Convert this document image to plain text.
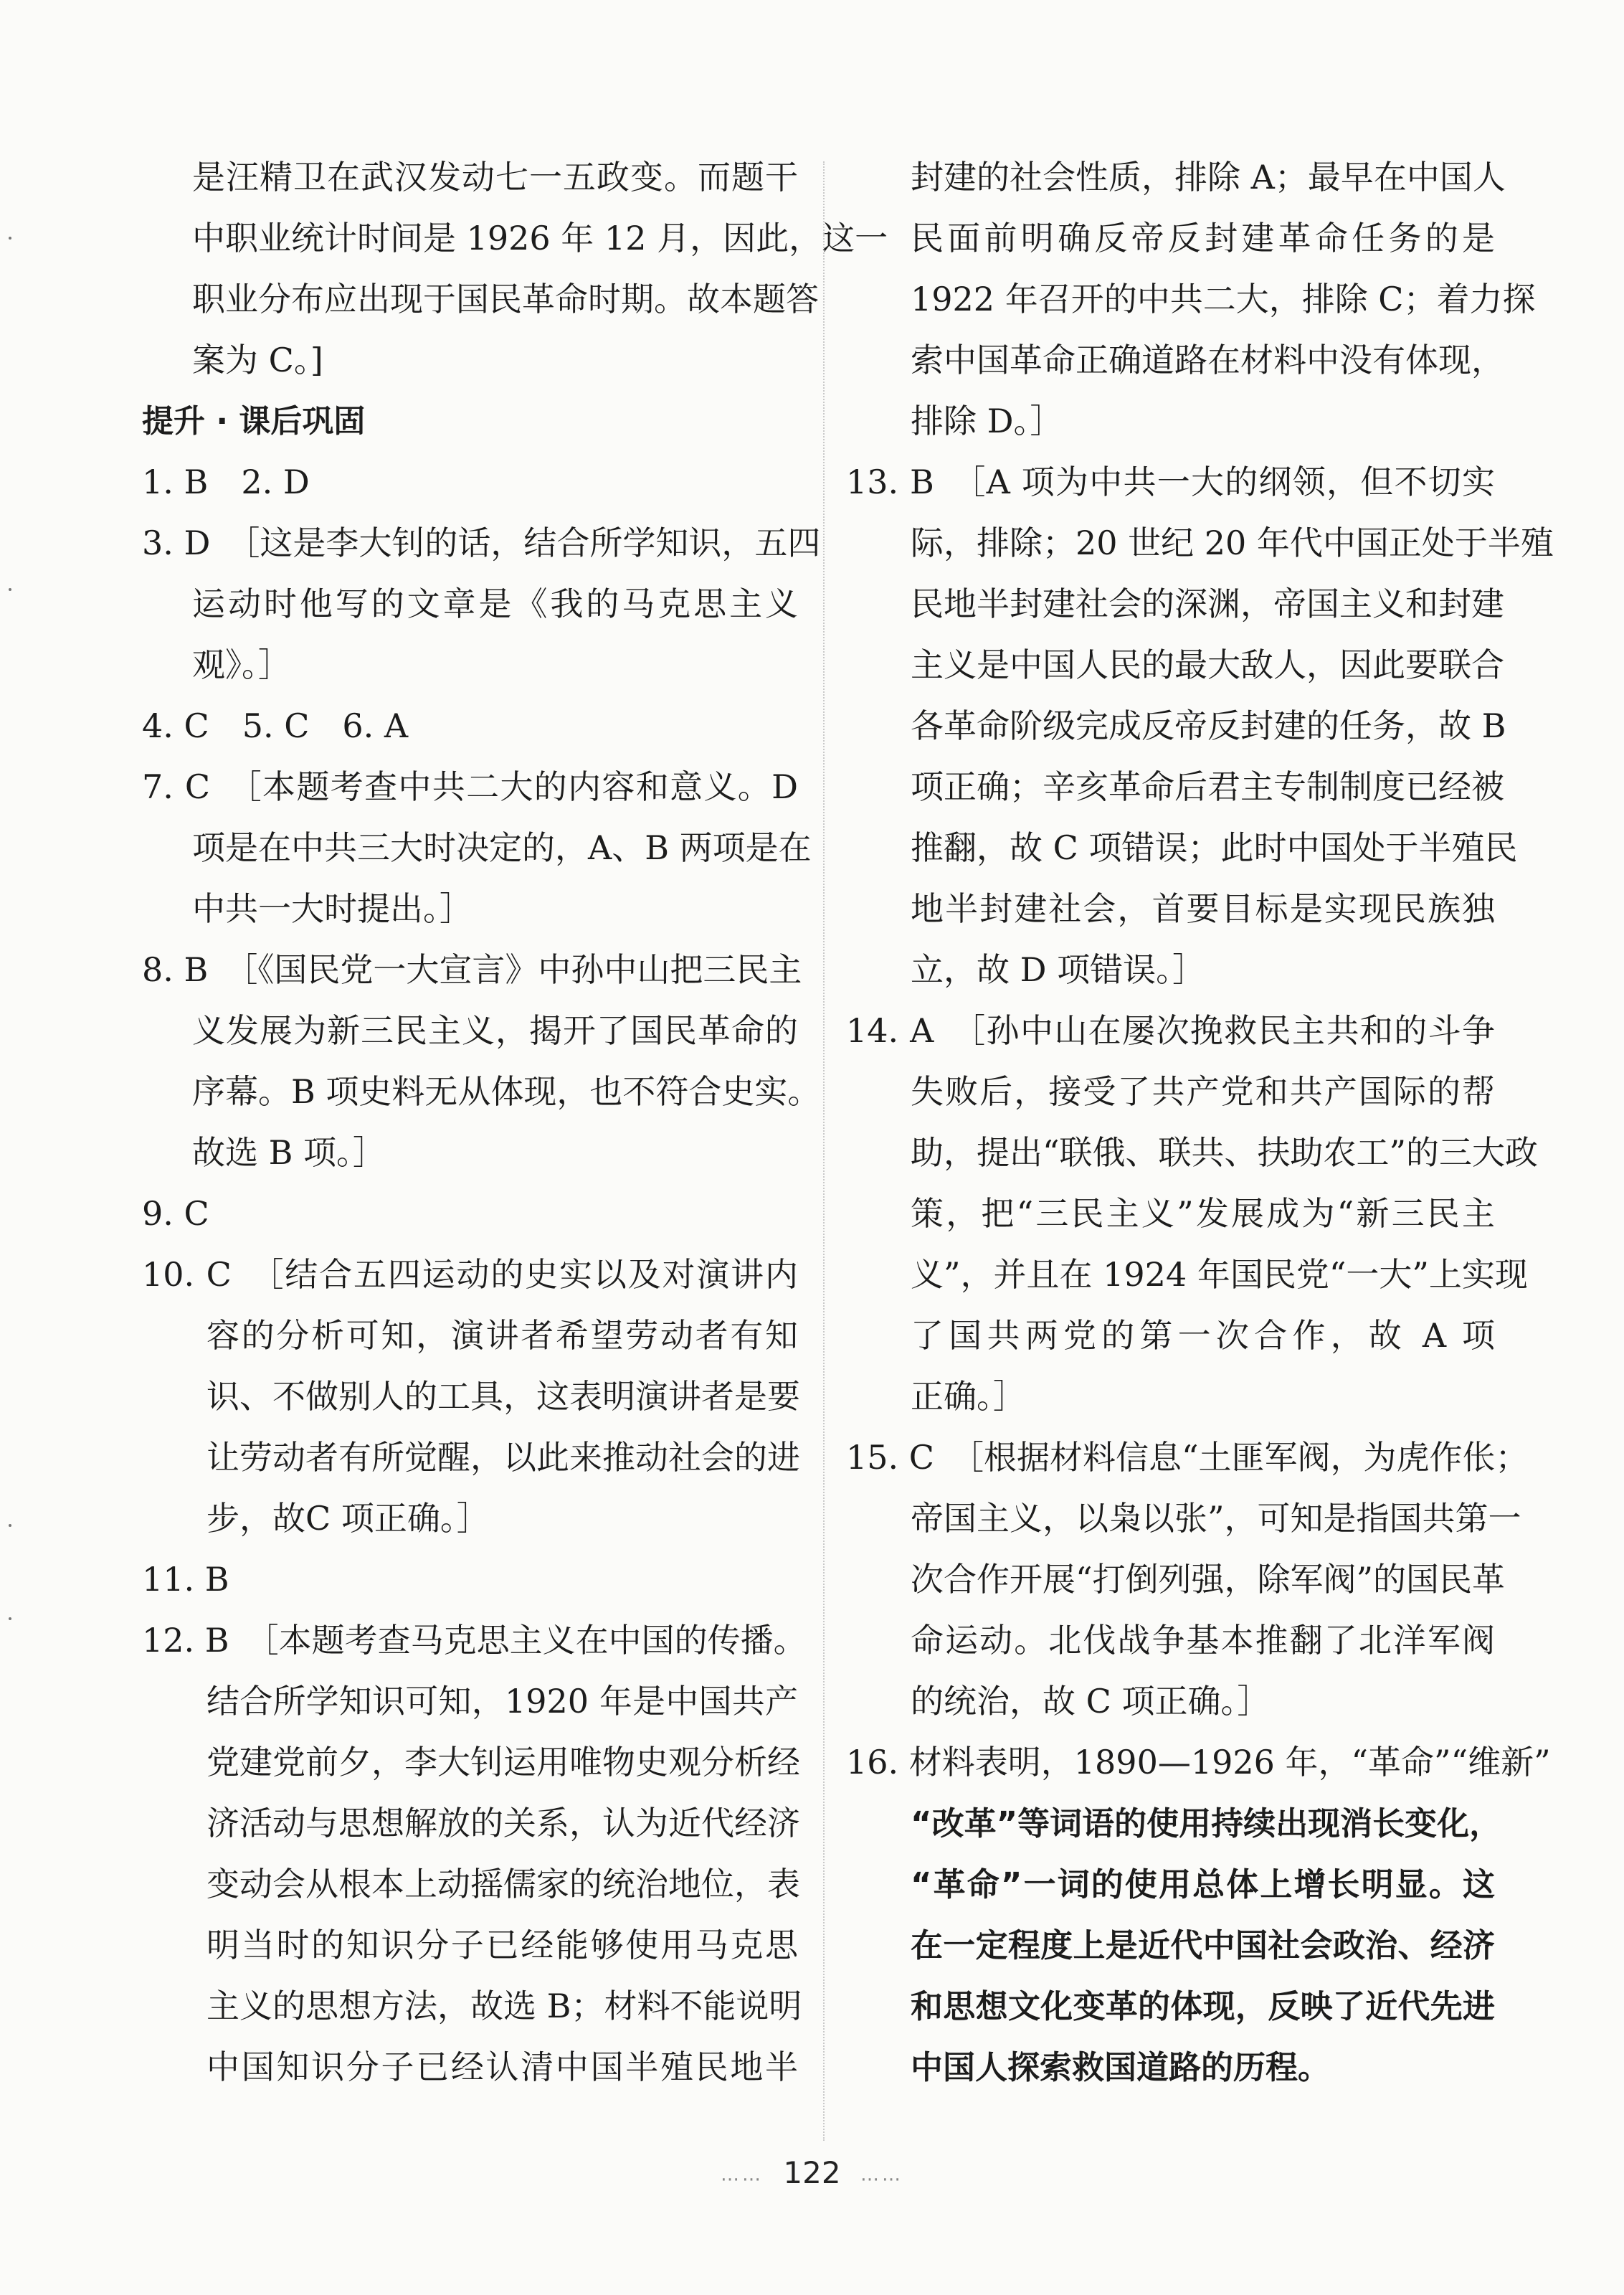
是汪精卫在武汉发动七一五政变。而题干
中职业统计时间是 1926 年 12 月，因此，这一
职业分布应出现于国民革命时期。故本题答
案为 C。]
提升 · 课后巩固
1. B　2. D
3. D　［这是李大钊的话，结合所学知识，五四
运动时他写的文章是《我的马克思主义
观》。］
4. C　5. C　6. A
7. C　［本题考查中共二大的内容和意义。D
项是在中共三大时决定的，A、B 两项是在
中共一大时提出。］
8. B　［《国民党一大宣言》中孙中山把三民主
义发展为新三民主义，揭开了国民革命的
序幕。B 项史料无从体现，也不符合史实。
故选 B 项。］
9. C
10. C　［结合五四运动的史实以及对演讲内
容的分析可知，演讲者希望劳动者有知
识、不做别人的工具，这表明演讲者是要
让劳动者有所觉醒，以此来推动社会的进
步，故C 项正确。］
11. B
12. B　［本题考查马克思主义在中国的传播。
结合所学知识可知，1920 年是中国共产
党建党前夕，李大钊运用唯物史观分析经
济活动与思想解放的关系，认为近代经济
变动会从根本上动摇儒家的统治地位，表
明当时的知识分子已经能够使用马克思
主义的思想方法，故选 B；材料不能说明
中国知识分子已经认清中国半殖民地半
封建的社会性质，排除 A；最早在中国人
民面前明确反帝反封建革命任务的是
1922 年召开的中共二大，排除 C；着力探
索中国革命正确道路在材料中没有体现，
排除 D。］
13. B　［A 项为中共一大的纲领，但不切实
际，排除；20 世纪 20 年代中国正处于半殖
民地半封建社会的深渊，帝国主义和封建
主义是中国人民的最大敌人，因此要联合
各革命阶级完成反帝反封建的任务，故 B
项正确；辛亥革命后君主专制制度已经被
推翻，故 C 项错误；此时中国处于半殖民
地半封建社会，首要目标是实现民族独
立，故 D 项错误。］
14. A　［孙中山在屡次挽救民主共和的斗争
失败后，接受了共产党和共产国际的帮
助，提出“联俄、联共、扶助农工”的三大政
策，把“三民主义”发展成为“新三民主
义”，并且在 1924 年国民党“一大”上实现
了国共两党的第一次合作，故 A 项
正确。］
15. C　［根据材料信息“土匪军阀，为虎作伥；
帝国主义，以枭以张”，可知是指国共第一
次合作开展“打倒列强，除军阀”的国民革
命运动。北伐战争基本推翻了北洋军阀
的统治，故 C 项正确。］
16. 材料表明，1890—1926 年，“革命”“维新”
“改革”等词语的使用持续出现消长变化，
“革命”一词的使用总体上增长明显。这
在一定程度上是近代中国社会政治、经济
和思想文化变革的体现，反映了近代先进
中国人探索救国道路的历程。
…… 122 ……
